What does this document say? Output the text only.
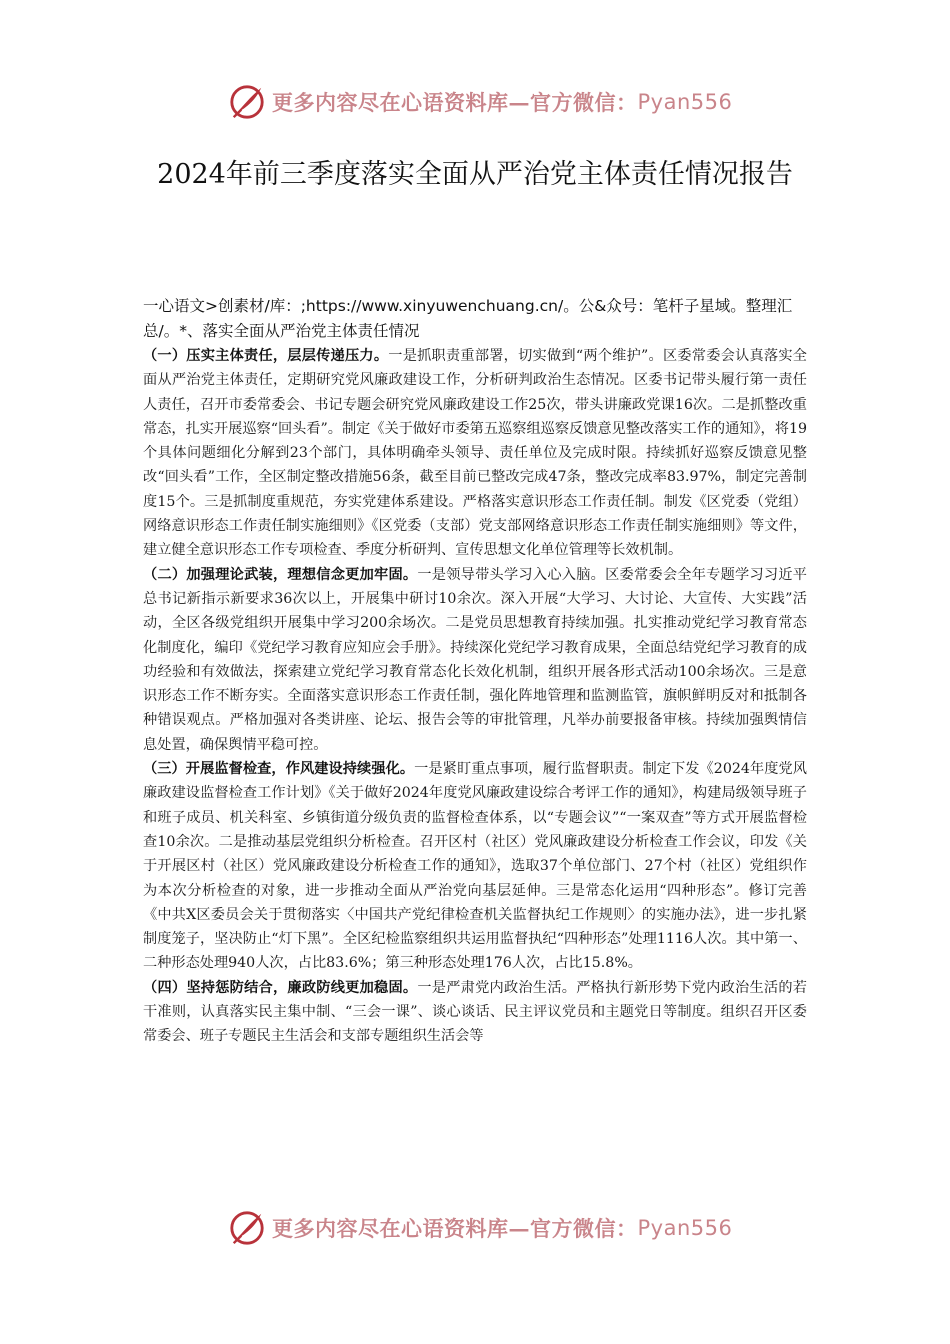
更多内容尽在心语资料库—官方微信： Pyan556
2024年前三季度落实全面从严治党主体责任情况报告
一心语文>创素材/库：;https://www.xinyuwenchuang.cn/。公&众号：笔杆子星域。整理汇总/。*、落实全面从严治党主体责任情况

（一）压实主体责任，层层传递压力。一是抓职责重部署，切实做到“两个维护”。区委常委会认真落实全面从严治党主体责任，定期研究党风廉政建设工作，分析研判政治生态情况。区委书记带头履行第一责任人责任，召开市委常委会、书记专题会研究党风廉政建设工作25次，带头讲廉政党课16次。二是抓整改重常态，扎实开展巡察“回头看”。制定《关于做好市委第五巡察组巡察反馈意见整改落实工作的通知》，将19个具体问题细化分解到23个部门，具体明确牵头领导、责任单位及完成时限。持续抓好巡察反馈意见整改“回头看”工作，全区制定整改措施56条，截至目前已整改完成47条，整改完成率83.97%，制定完善制度15个。三是抓制度重规范，夯实党建体系建设。严格落实意识形态工作责任制。制发《区党委（党组）网络意识形态工作责任制实施细则》《区党委（支部）党支部网络意识形态工作责任制实施细则》等文件，建立健全意识形态工作专项检查、季度分析研判、宣传思想文化单位管理等长效机制。

（二）加强理论武装，理想信念更加牢固。一是领导带头学习入心入脑。区委常委会全年专题学习习近平总书记新指示新要求36次以上，开展集中研讨10余次。深入开展“大学习、大讨论、大宣传、大实践”活动，全区各级党组织开展集中学习200余场次。二是党员思想教育持续加强。扎实推动党纪学习教育常态化制度化，编印《党纪学习教育应知应会手册》。持续深化党纪学习教育成果，全面总结党纪学习教育的成功经验和有效做法，探索建立党纪学习教育常态化长效化机制，组织开展各形式活动100余场次。三是意识形态工作不断夯实。全面落实意识形态工作责任制，强化阵地管理和监测监管，旗帜鲜明反对和抵制各种错误观点。严格加强对各类讲座、论坛、报告会等的审批管理，凡举办前要报备审核。持续加强舆情信息处置，确保舆情平稳可控。

（三）开展监督检查，作风建设持续强化。一是紧盯重点事项，履行监督职责。制定下发《2024年度党风廉政建设监督检查工作计划》《关于做好2024年度党风廉政建设综合考评工作的通知》，构建局级领导班子和班子成员、机关科室、乡镇街道分级负责的监督检查体系，以“专题会议”“一案双查”等方式开展监督检查10余次。二是推动基层党组织分析检查。召开区村（社区）党风廉政建设分析检查工作会议，印发《关于开展区村（社区）党风廉政建设分析检查工作的通知》，选取37个单位部门、27个村（社区）党组织作为本次分析检查的对象，进一步推动全面从严治党向基层延伸。三是常态化运用“四种形态”。修订完善《中共X区委员会关于贯彻落实〈中国共产党纪律检查机关监督执纪工作规则〉的实施办法》，进一步扎紧制度笼子，坚决防止“灯下黑”。全区纪检监察组织共运用监督执纪“四种形态”处理1116人次。其中第一、二种形态处理940人次，占比83.6%；第三种形态处理176人次，占比15.8%。

（四）坚持惩防结合，廉政防线更加稳固。一是严肃党内政治生活。严格执行新形势下党内政治生活的若干准则，认真落实民主集中制、“三会一课”、谈心谈话、民主评议党员和主题党日等制度。组织召开区委常委会、班子专题民主生活会和支部专题组织生活会等

更多内容尽在心语资料库—官方微信： Pyan556
